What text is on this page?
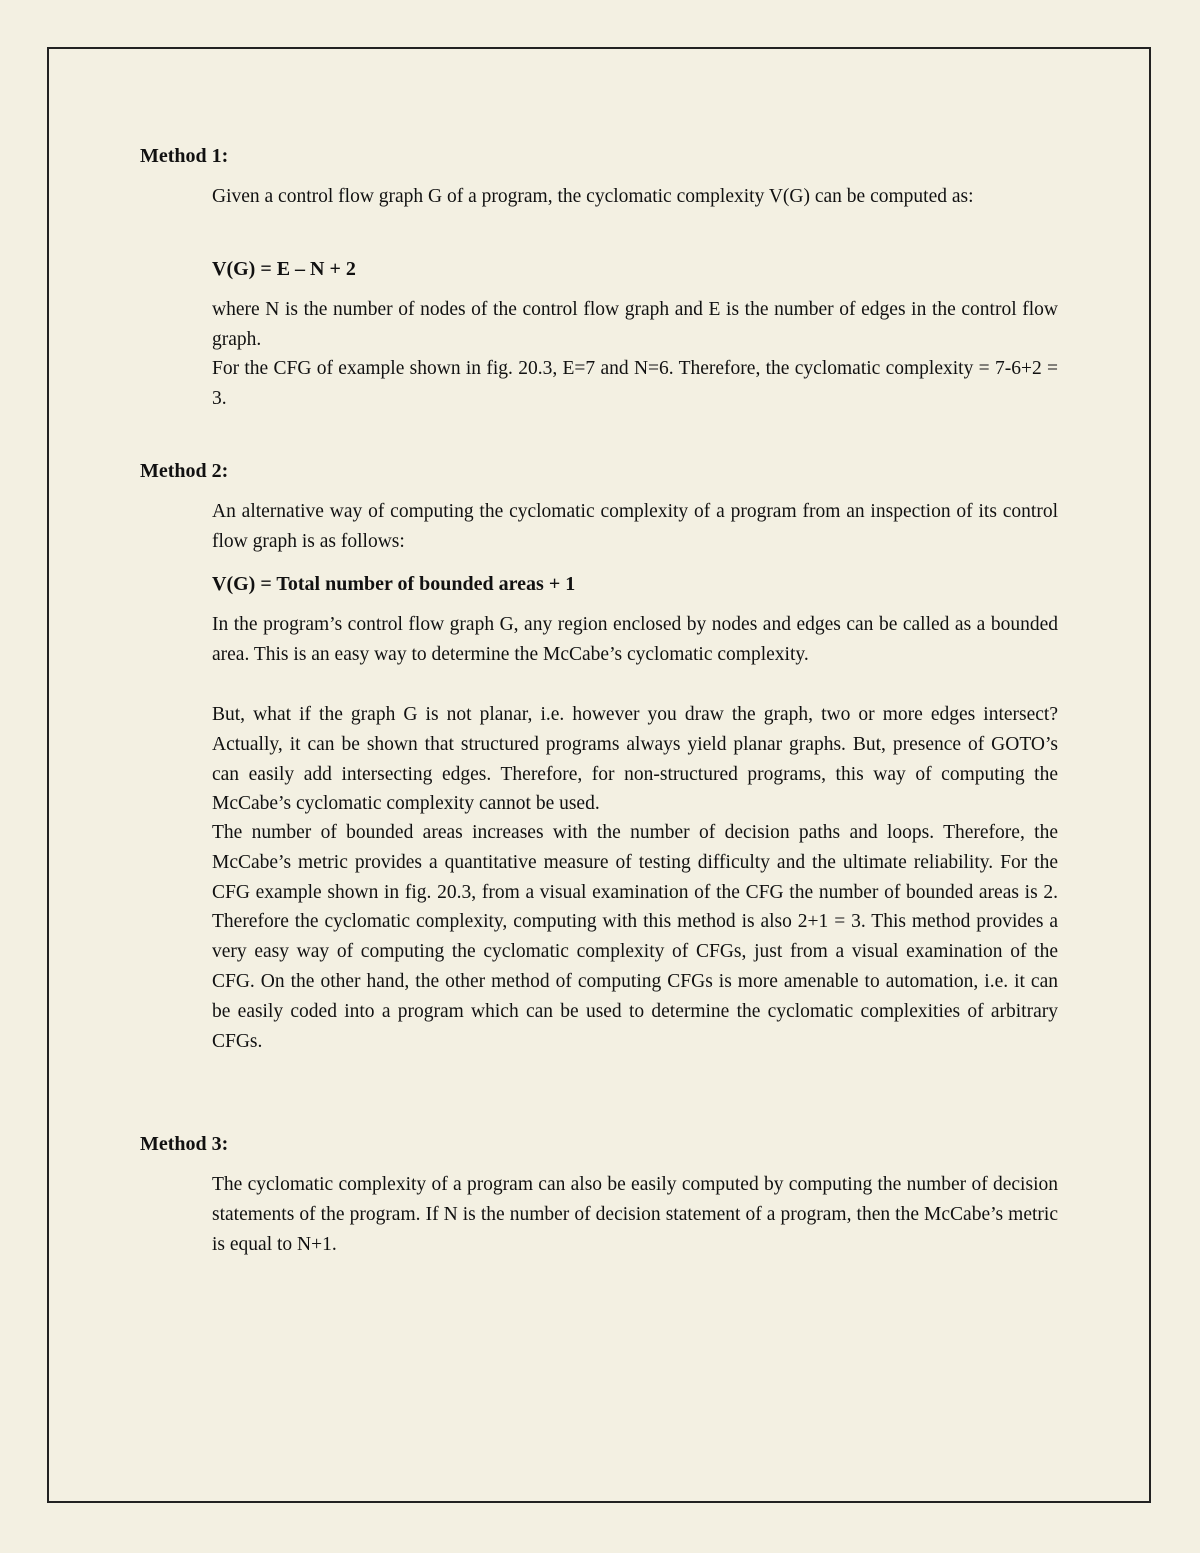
Method 1:

Given a control flow graph G of a program, the cyclomatic complexity V(G) can be computed as:

V(G) = E – N + 2

where N is the number of nodes of the control flow graph and E is the number of edges in the control flow graph.

For the CFG of example shown in fig. 20.3, E=7 and N=6. Therefore, the cyclomatic complexity = 7-6+2 = 3.

Method 2:

An alternative way of computing the cyclomatic complexity of a program from an inspection of its control flow graph is as follows:

V(G) = Total number of bounded areas + 1

In the program’s control flow graph G, any region enclosed by nodes and edges can be called as a bounded area. This is an easy way to determine the McCabe’s cyclomatic complexity.

But, what if the graph G is not planar, i.e. however you draw the graph, two or more edges intersect? Actually, it can be shown that structured programs always yield planar graphs. But, presence of GOTO’s can easily add intersecting edges. Therefore, for non-structured programs, this way of computing the McCabe’s cyclomatic complexity cannot be used.

The number of bounded areas increases with the number of decision paths and loops. Therefore, the McCabe’s metric provides a quantitative measure of testing difficulty and the ultimate reliability. For the CFG example shown in fig. 20.3, from a visual examination of the CFG the number of bounded areas is 2. Therefore the cyclomatic complexity, computing with this method is also 2+1 = 3. This method provides a very easy way of computing the cyclomatic complexity of CFGs, just from a visual examination of the CFG. On the other hand, the other method of computing CFGs is more amenable to automation, i.e. it can be easily coded into a program which can be used to determine the cyclomatic complexities of arbitrary CFGs.

Method 3:

The cyclomatic complexity of a program can also be easily computed by computing the number of decision statements of the program. If N is the number of decision statement of a program, then the McCabe’s metric is equal to N+1.
